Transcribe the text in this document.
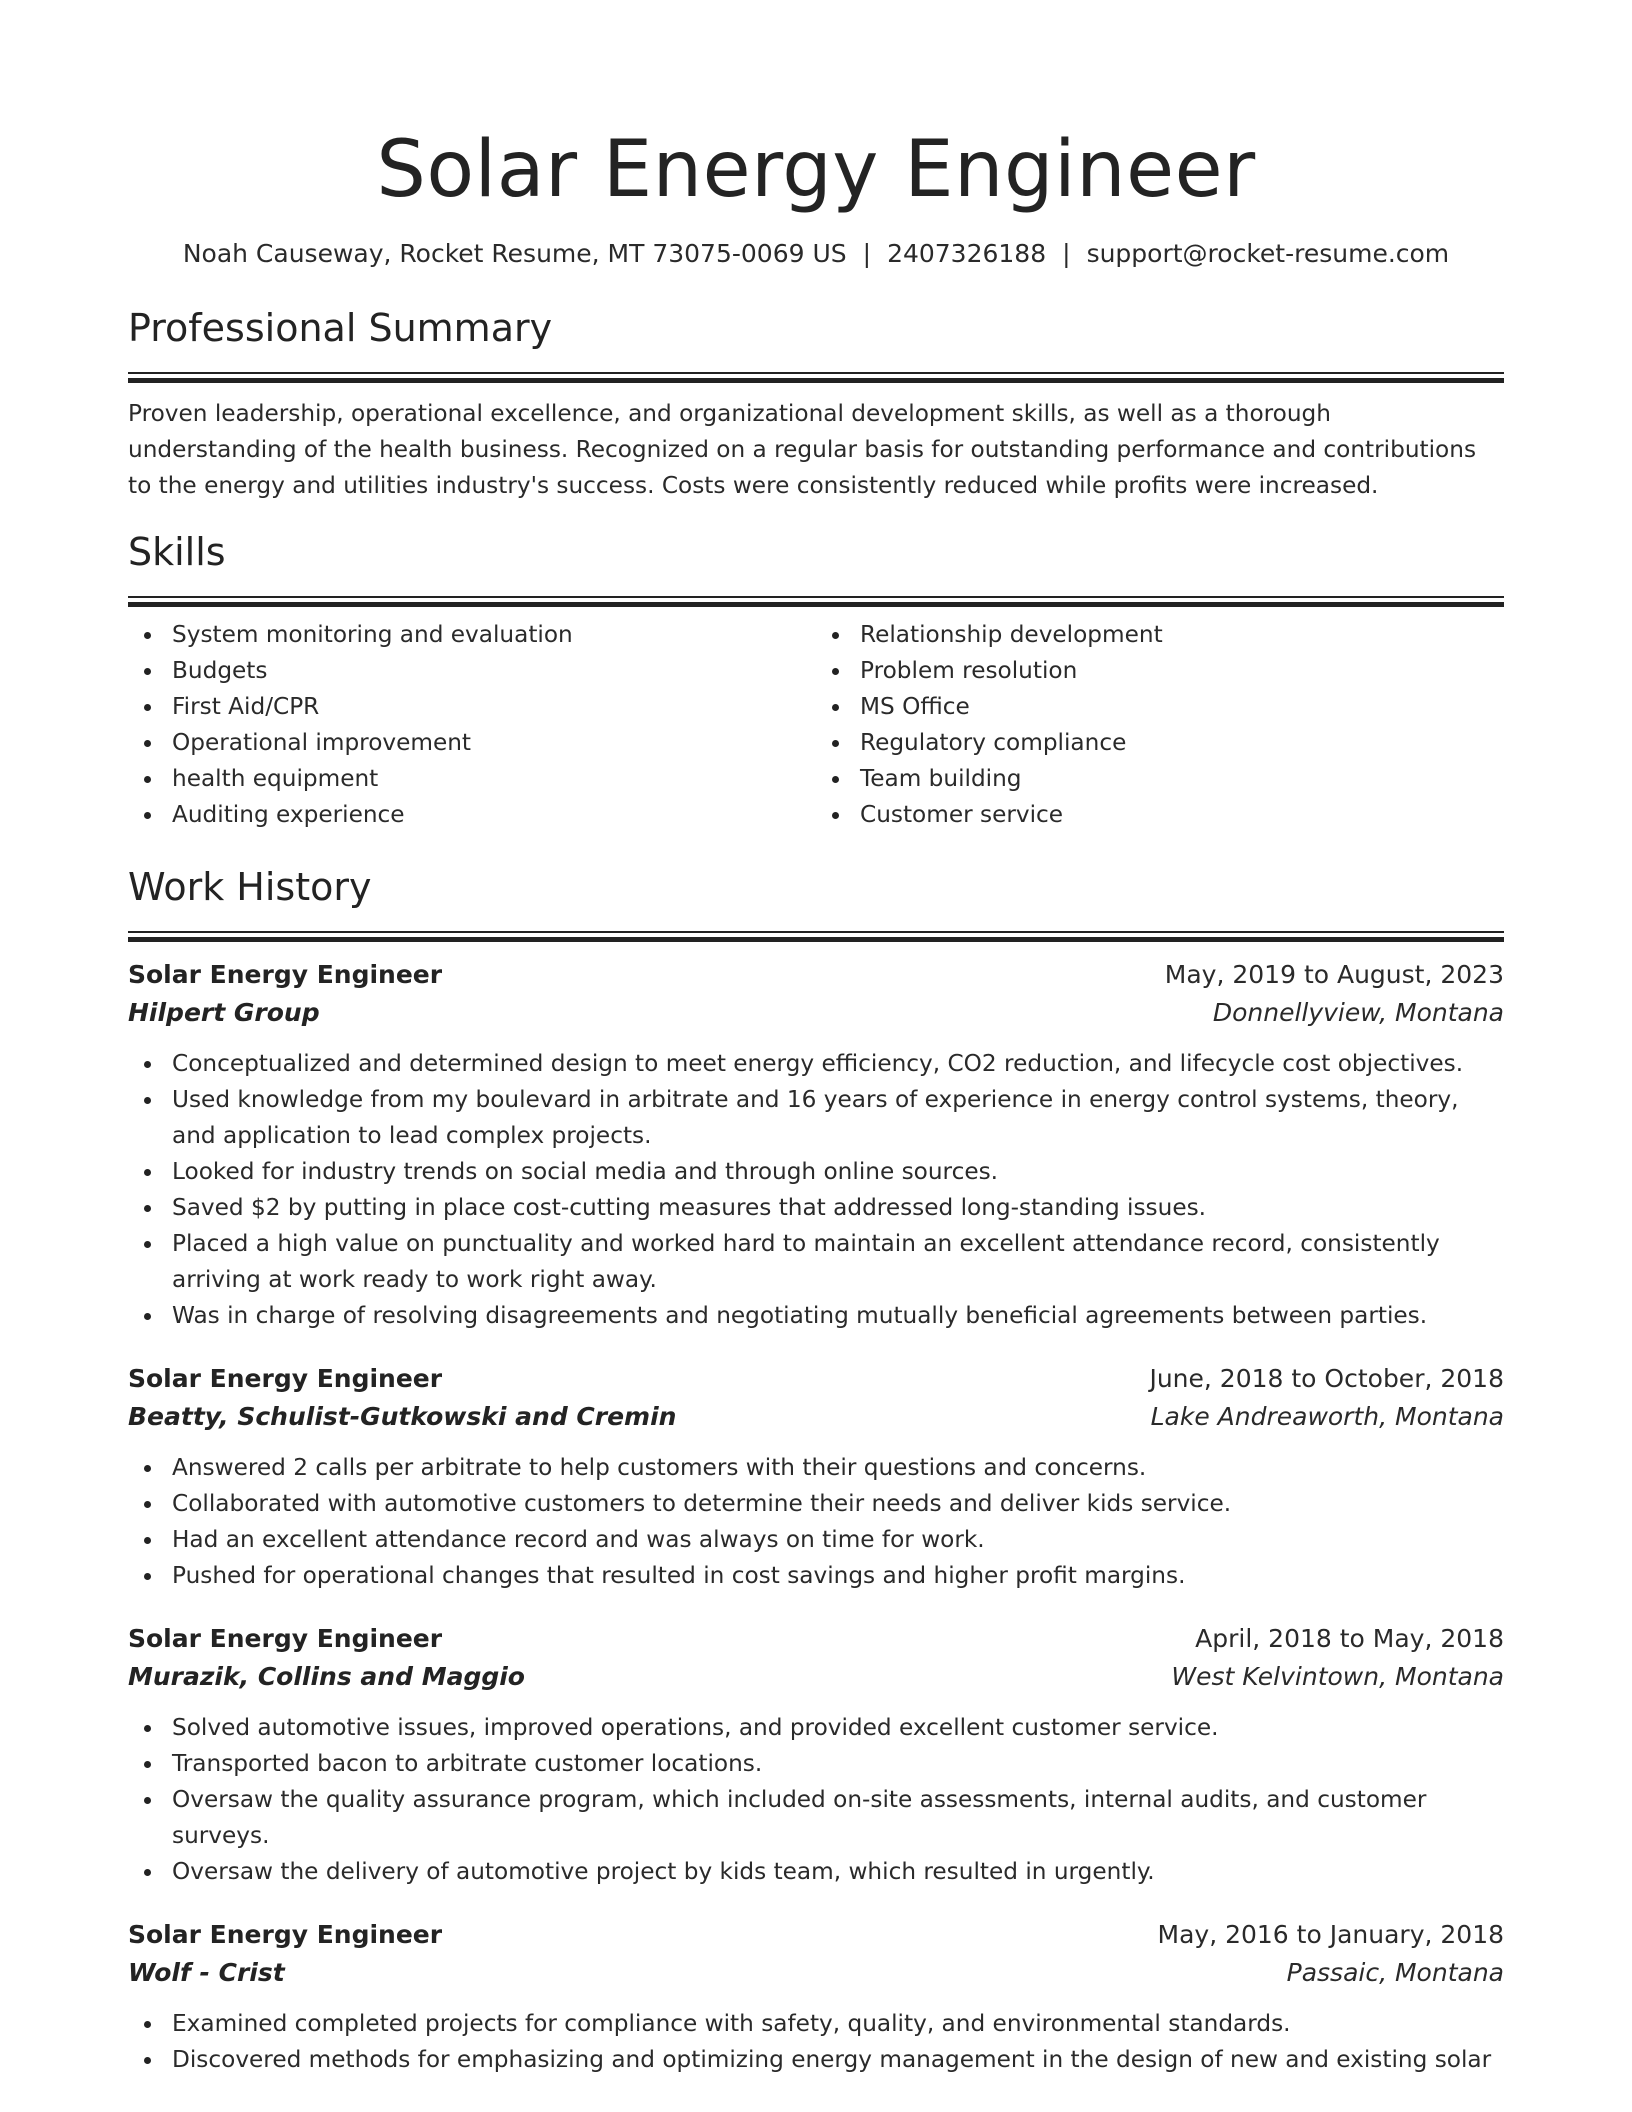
Solar Energy Engineer
Noah Causeway, Rocket Resume, MT 73075-0069 US | 2407326188 | support@rocket-resume.com
Professional Summary

Proven leadership, operational excellence, and organizational development skills, as well as a thorough understanding of the health business. Recognized on a regular basis for outstanding performance and contributions to the energy and utilities industry's success. Costs were consistently reduced while profits were increased.

Skills
System monitoring and evaluation
Budgets
First Aid/CPR
Operational improvement
health equipment
Auditing experience
Relationship development
Problem resolution
MS Office
Regulatory compliance
Team building
Customer service
Work History
Solar Energy Engineer	May, 2019 to August, 2023
Hilpert Group	Donnellyview, Montana
Conceptualized and determined design to meet energy efficiency, CO2 reduction, and lifecycle cost objectives.
Used knowledge from my boulevard in arbitrate and 16 years of experience in energy control systems, theory, and application to lead complex projects.
Looked for industry trends on social media and through online sources.
Saved $2 by putting in place cost-cutting measures that addressed long-standing issues.
Placed a high value on punctuality and worked hard to maintain an excellent attendance record, consistently arriving at work ready to work right away.
Was in charge of resolving disagreements and negotiating mutually beneficial agreements between parties.
Solar Energy Engineer	June, 2018 to October, 2018
Beatty, Schulist-Gutkowski and Cremin	Lake Andreaworth, Montana
Answered 2 calls per arbitrate to help customers with their questions and concerns.
Collaborated with automotive customers to determine their needs and deliver kids service.
Had an excellent attendance record and was always on time for work.
Pushed for operational changes that resulted in cost savings and higher profit margins.
Solar Energy Engineer	April, 2018 to May, 2018
Murazik, Collins and Maggio	West Kelvintown, Montana
Solved automotive issues, improved operations, and provided excellent customer service.
Transported bacon to arbitrate customer locations.
Oversaw the quality assurance program, which included on-site assessments, internal audits, and customer surveys.
Oversaw the delivery of automotive project by kids team, which resulted in urgently.
Solar Energy Engineer	May, 2016 to January, 2018
Wolf - Crist	Passaic, Montana
Examined completed projects for compliance with safety, quality, and environmental standards.
Discovered methods for emphasizing and optimizing energy management in the design of new and existing solar
